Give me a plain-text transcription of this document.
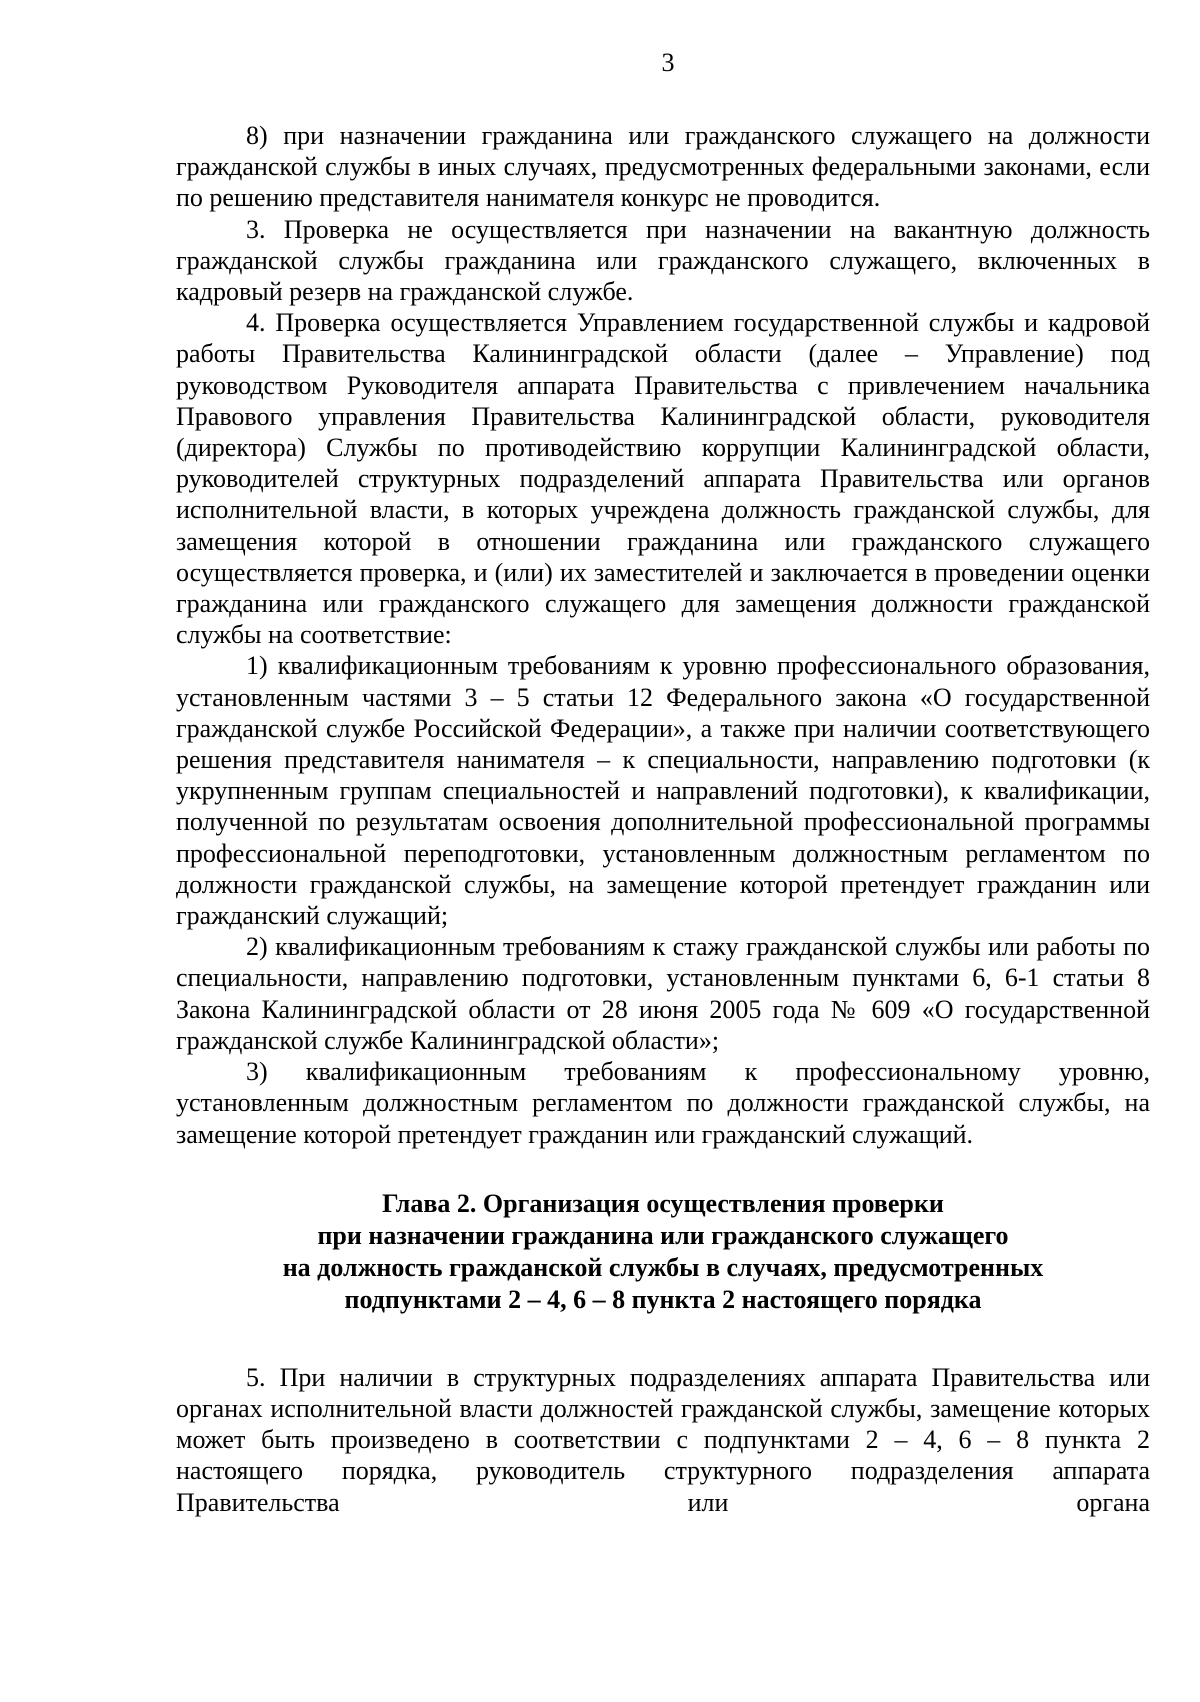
3

8) при назначении гражданина или гражданского служащего на должности гражданской службы в иных случаях, предусмотренных федеральными законами, если по решению представителя нанимателя конкурс не проводится.

3. Проверка не осуществляется при назначении на вакантную должность гражданской службы гражданина или гражданского служащего, включенных в кадровый резерв на гражданской службе.

4. Проверка осуществляется Управлением государственной службы и кадровой работы Правительства Калининградской области (далее – Управление) под руководством Руководителя аппарата Правительства с привлечением начальника Правового управления Правительства Калининградской области, руководителя (директора) Службы по противодействию коррупции Калининградской области, руководителей структурных подразделений аппарата Правительства или органов исполнительной власти, в которых учреждена должность гражданской службы, для замещения которой в отношении гражданина или гражданского служащего осуществляется проверка, и (или) их заместителей и заключается в проведении оценки гражданина или гражданского служащего для замещения должности гражданской службы на соответствие:

1) квалификационным требованиям к уровню профессионального образования, установленным частями 3 – 5 статьи 12 Федерального закона «О государственной гражданской службе Российской Федерации», а также при наличии соответствующего решения представителя нанимателя – к специальности, направлению подготовки (к укрупненным группам специальностей и направлений подготовки), к квалификации, полученной по результатам освоения дополнительной профессиональной программы профессиональной переподготовки, установленным должностным регламентом по должности гражданской службы, на замещение которой претендует гражданин или гражданский служащий;

2) квалификационным требованиям к стажу гражданской службы или работы по специальности, направлению подготовки, установленным пунктами 6, 6-1 статьи 8 Закона Калининградской области от 28 июня 2005 года № 609 «О государственной гражданской службе Калининградской области»;

3) квалификационным требованиям к профессиональному уровню, установленным должностным регламентом по должности гражданской службы, на замещение которой претендует гражданин или гражданский служащий.

Глава 2. Организация осуществления проверки
при назначении гражданина или гражданского служащего
на должность гражданской службы в случаях, предусмотренных
подпунктами 2 – 4, 6 – 8 пункта 2 настоящего порядка

5. При наличии в структурных подразделениях аппарата Правительства или органах исполнительной власти должностей гражданской службы, замещение которых может быть произведено в соответствии с подпунктами 2 – 4, 6 – 8 пункта 2 настоящего порядка, руководитель структурного подразделения аппарата Правительства или органа
